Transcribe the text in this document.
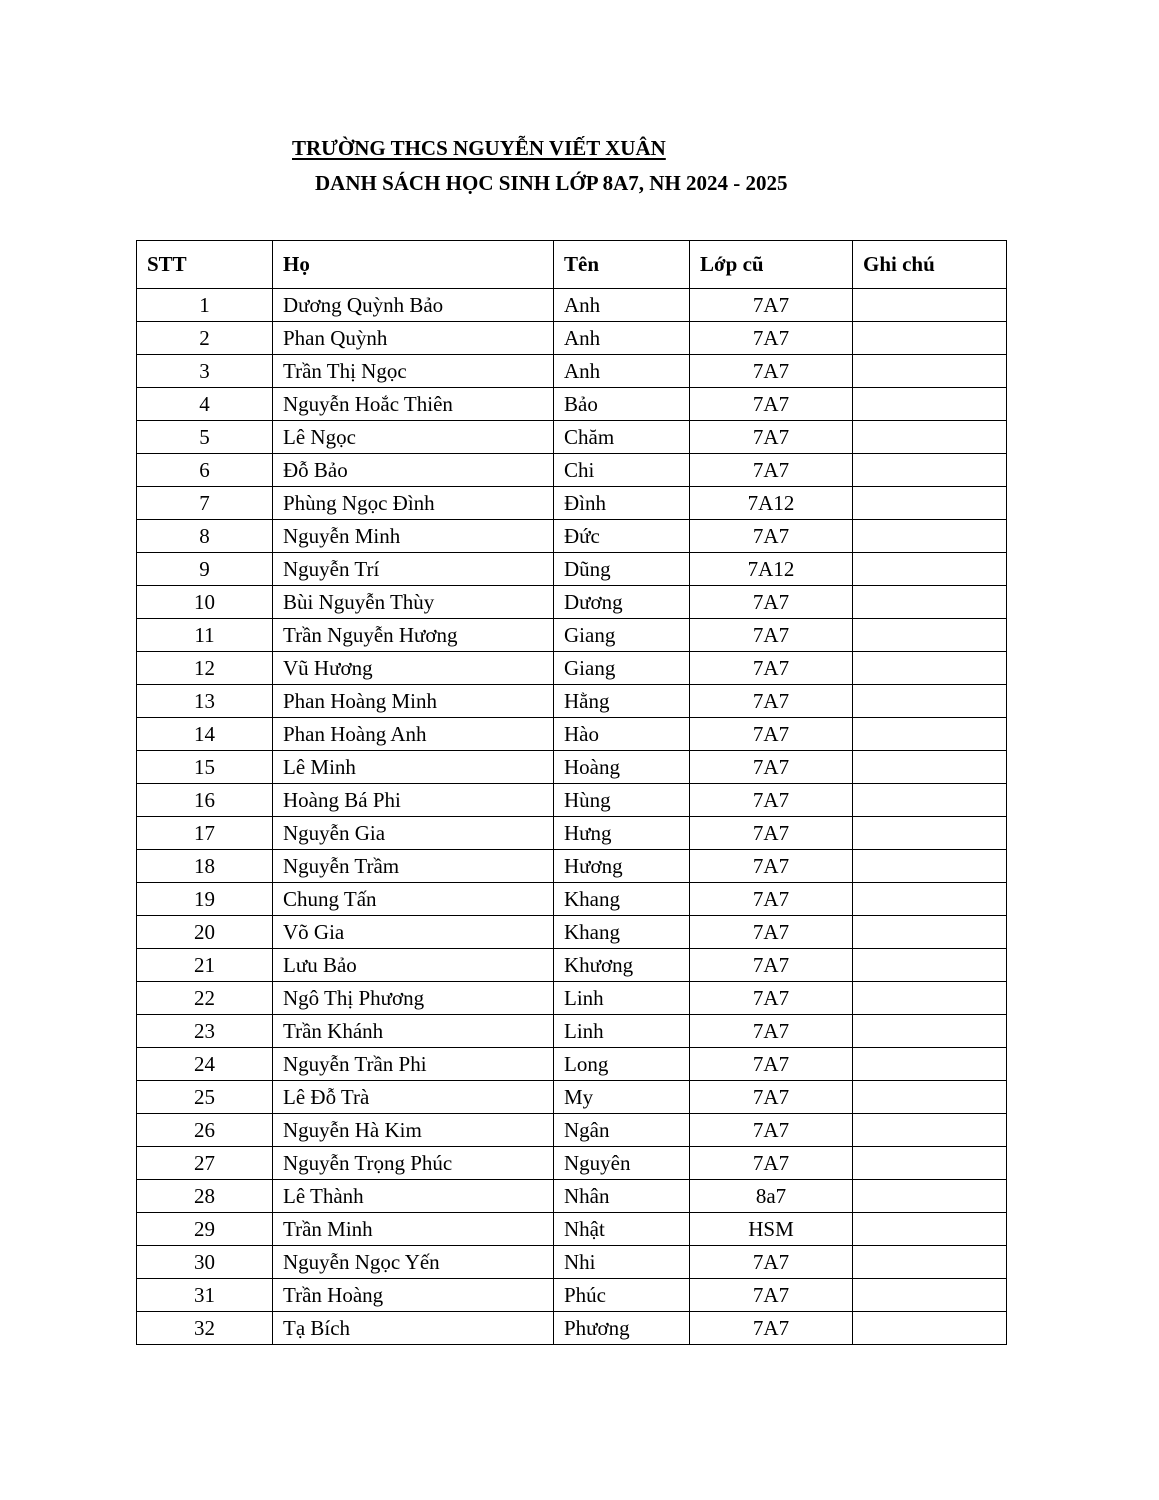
TRƯỜNG THCS NGUYỄN VIẾT XUÂN
DANH SÁCH HỌC SINH LỚP 8A7, NH 2024 - 2025
STT	Họ	Tên	Lớp cũ	Ghi chú
1	Dương Quỳnh Bảo	Anh	7A7	
2	Phan Quỳnh	Anh	7A7	
3	Trần Thị Ngọc	Anh	7A7	
4	Nguyễn Hoắc Thiên	Bảo	7A7	
5	Lê Ngọc	Chăm	7A7	
6	Đỗ Bảo	Chi	7A7	
7	Phùng Ngọc Đình	Đình	7A12	
8	Nguyễn Minh	Đức	7A7	
9	Nguyễn Trí	Dũng	7A12	
10	Bùi Nguyễn Thùy	Dương	7A7	
11	Trần Nguyễn Hương	Giang	7A7	
12	Vũ Hương	Giang	7A7	
13	Phan Hoàng Minh	Hằng	7A7	
14	Phan Hoàng Anh	Hào	7A7	
15	Lê Minh	Hoàng	7A7	
16	Hoàng Bá Phi	Hùng	7A7	
17	Nguyễn Gia	Hưng	7A7	
18	Nguyễn Trầm	Hương	7A7	
19	Chung Tấn	Khang	7A7	
20	Võ Gia	Khang	7A7	
21	Lưu Bảo	Khương	7A7	
22	Ngô Thị Phương	Linh	7A7	
23	Trần Khánh	Linh	7A7	
24	Nguyễn Trần Phi	Long	7A7	
25	Lê Đỗ Trà	My	7A7	
26	Nguyễn Hà Kim	Ngân	7A7	
27	Nguyễn Trọng Phúc	Nguyên	7A7	
28	Lê Thành	Nhân	8a7	
29	Trần Minh	Nhật	HSM	
30	Nguyễn Ngọc Yến	Nhi	7A7	
31	Trần Hoàng	Phúc	7A7	
32	Tạ Bích	Phương	7A7	
